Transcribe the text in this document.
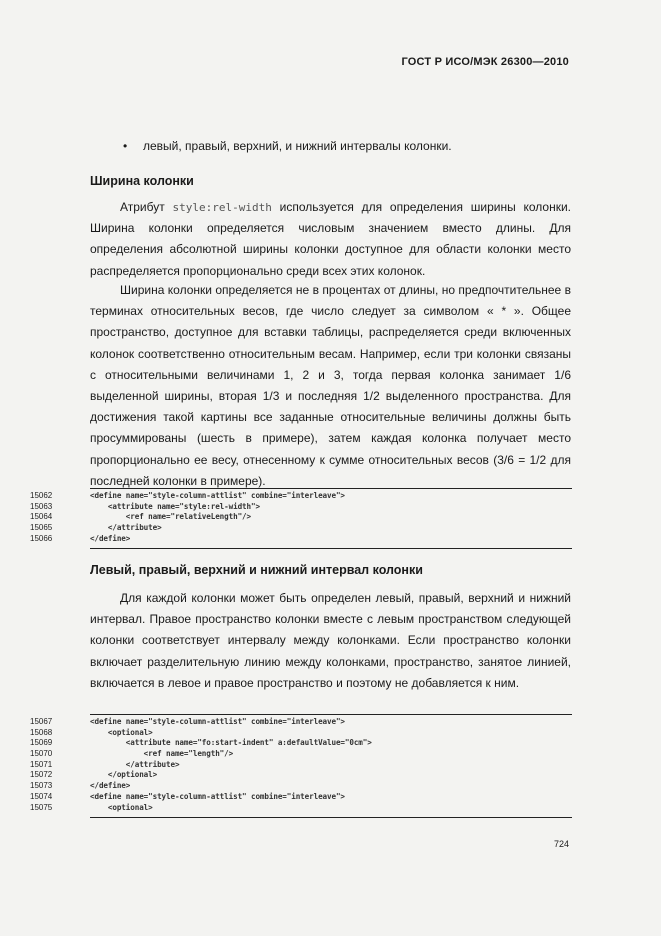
ГОСТ Р ИСО/МЭК 26300—2010
• левый, правый, верхний, и нижний интервалы колонки.
Ширина колонки

Атрибут style:rel-width используется для определения ширины колонки. Ширина колонки определяется числовым значением вместо длины. Для определения абсолютной ширины колонки доступное для области колонки место распределяется пропорционально среди всех этих колонок.

Ширина колонки определяется не в процентах от длины, но предпочтительнее в терминах относительных весов, где число следует за символом « * ». Общее пространство, доступное для вставки таблицы, распределяется среди включенных колонок соответственно относительным весам. Например, если три колонки связаны с относительными величинами 1, 2 и 3, тогда первая колонка занимает 1/6 выделенной ширины, вторая 1/3 и последняя 1/2 выделенного пространства. Для достижения такой картины все заданные относительные величины должны быть просуммированы (шесть в примере), затем каждая колонка получает место пропорционально ее весу, отнесенному к сумме относительных весов (3/6 = 1/2 для последней колонки в примере).

15062	<define name="style-column-attlist" combine="interleave">
15063	<attribute name="style:rel-width">
15064	<ref name="relativeLength"/>
15065	</attribute>
15066	</define>
Левый, правый, верхний и нижний интервал колонки

Для каждой колонки может быть определен левый, правый, верхний и нижний интервал. Правое пространство колонки вместе с левым пространством следующей колонки соответствует интервалу между колонками. Если пространство колонки включает разделительную линию между колонками, пространство, занятое линией, включается в левое и правое пространство и поэтому не добавляется к ним.

15067	<define name="style-column-attlist" combine="interleave">
15068	<optional>
15069	<attribute name="fo:start-indent" a:defaultValue="0cm">
15070	<ref name="length"/>
15071	</attribute>
15072	</optional>
15073	</define>
15074	<define name="style-column-attlist" combine="interleave">
15075	<optional>
724
